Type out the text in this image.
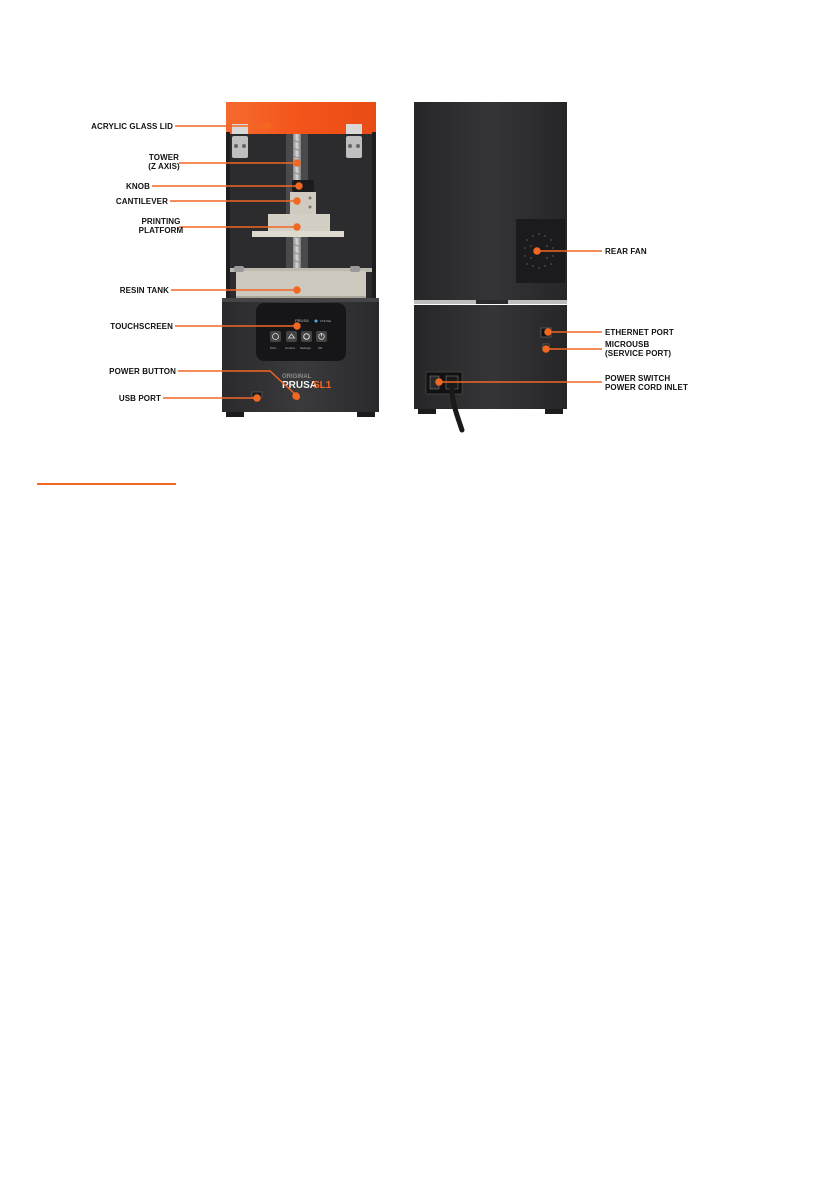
PRUSA	ONLINE
Print	Control Settings Off
ORIGINAL
PRUSA
SL1
ACRYLIC GLASS LID
TOWER
(Z AXIS)
KNOB
CANTILEVER
PRINTING
PLATFORM
RESIN TANK
TOUCHSCREEN
POWER BUTTON
USB PORT
REAR FAN
ETHERNET PORT
MICROUSB
(SERVICE PORT)
POWER SWITCH
POWER CORD INLET
